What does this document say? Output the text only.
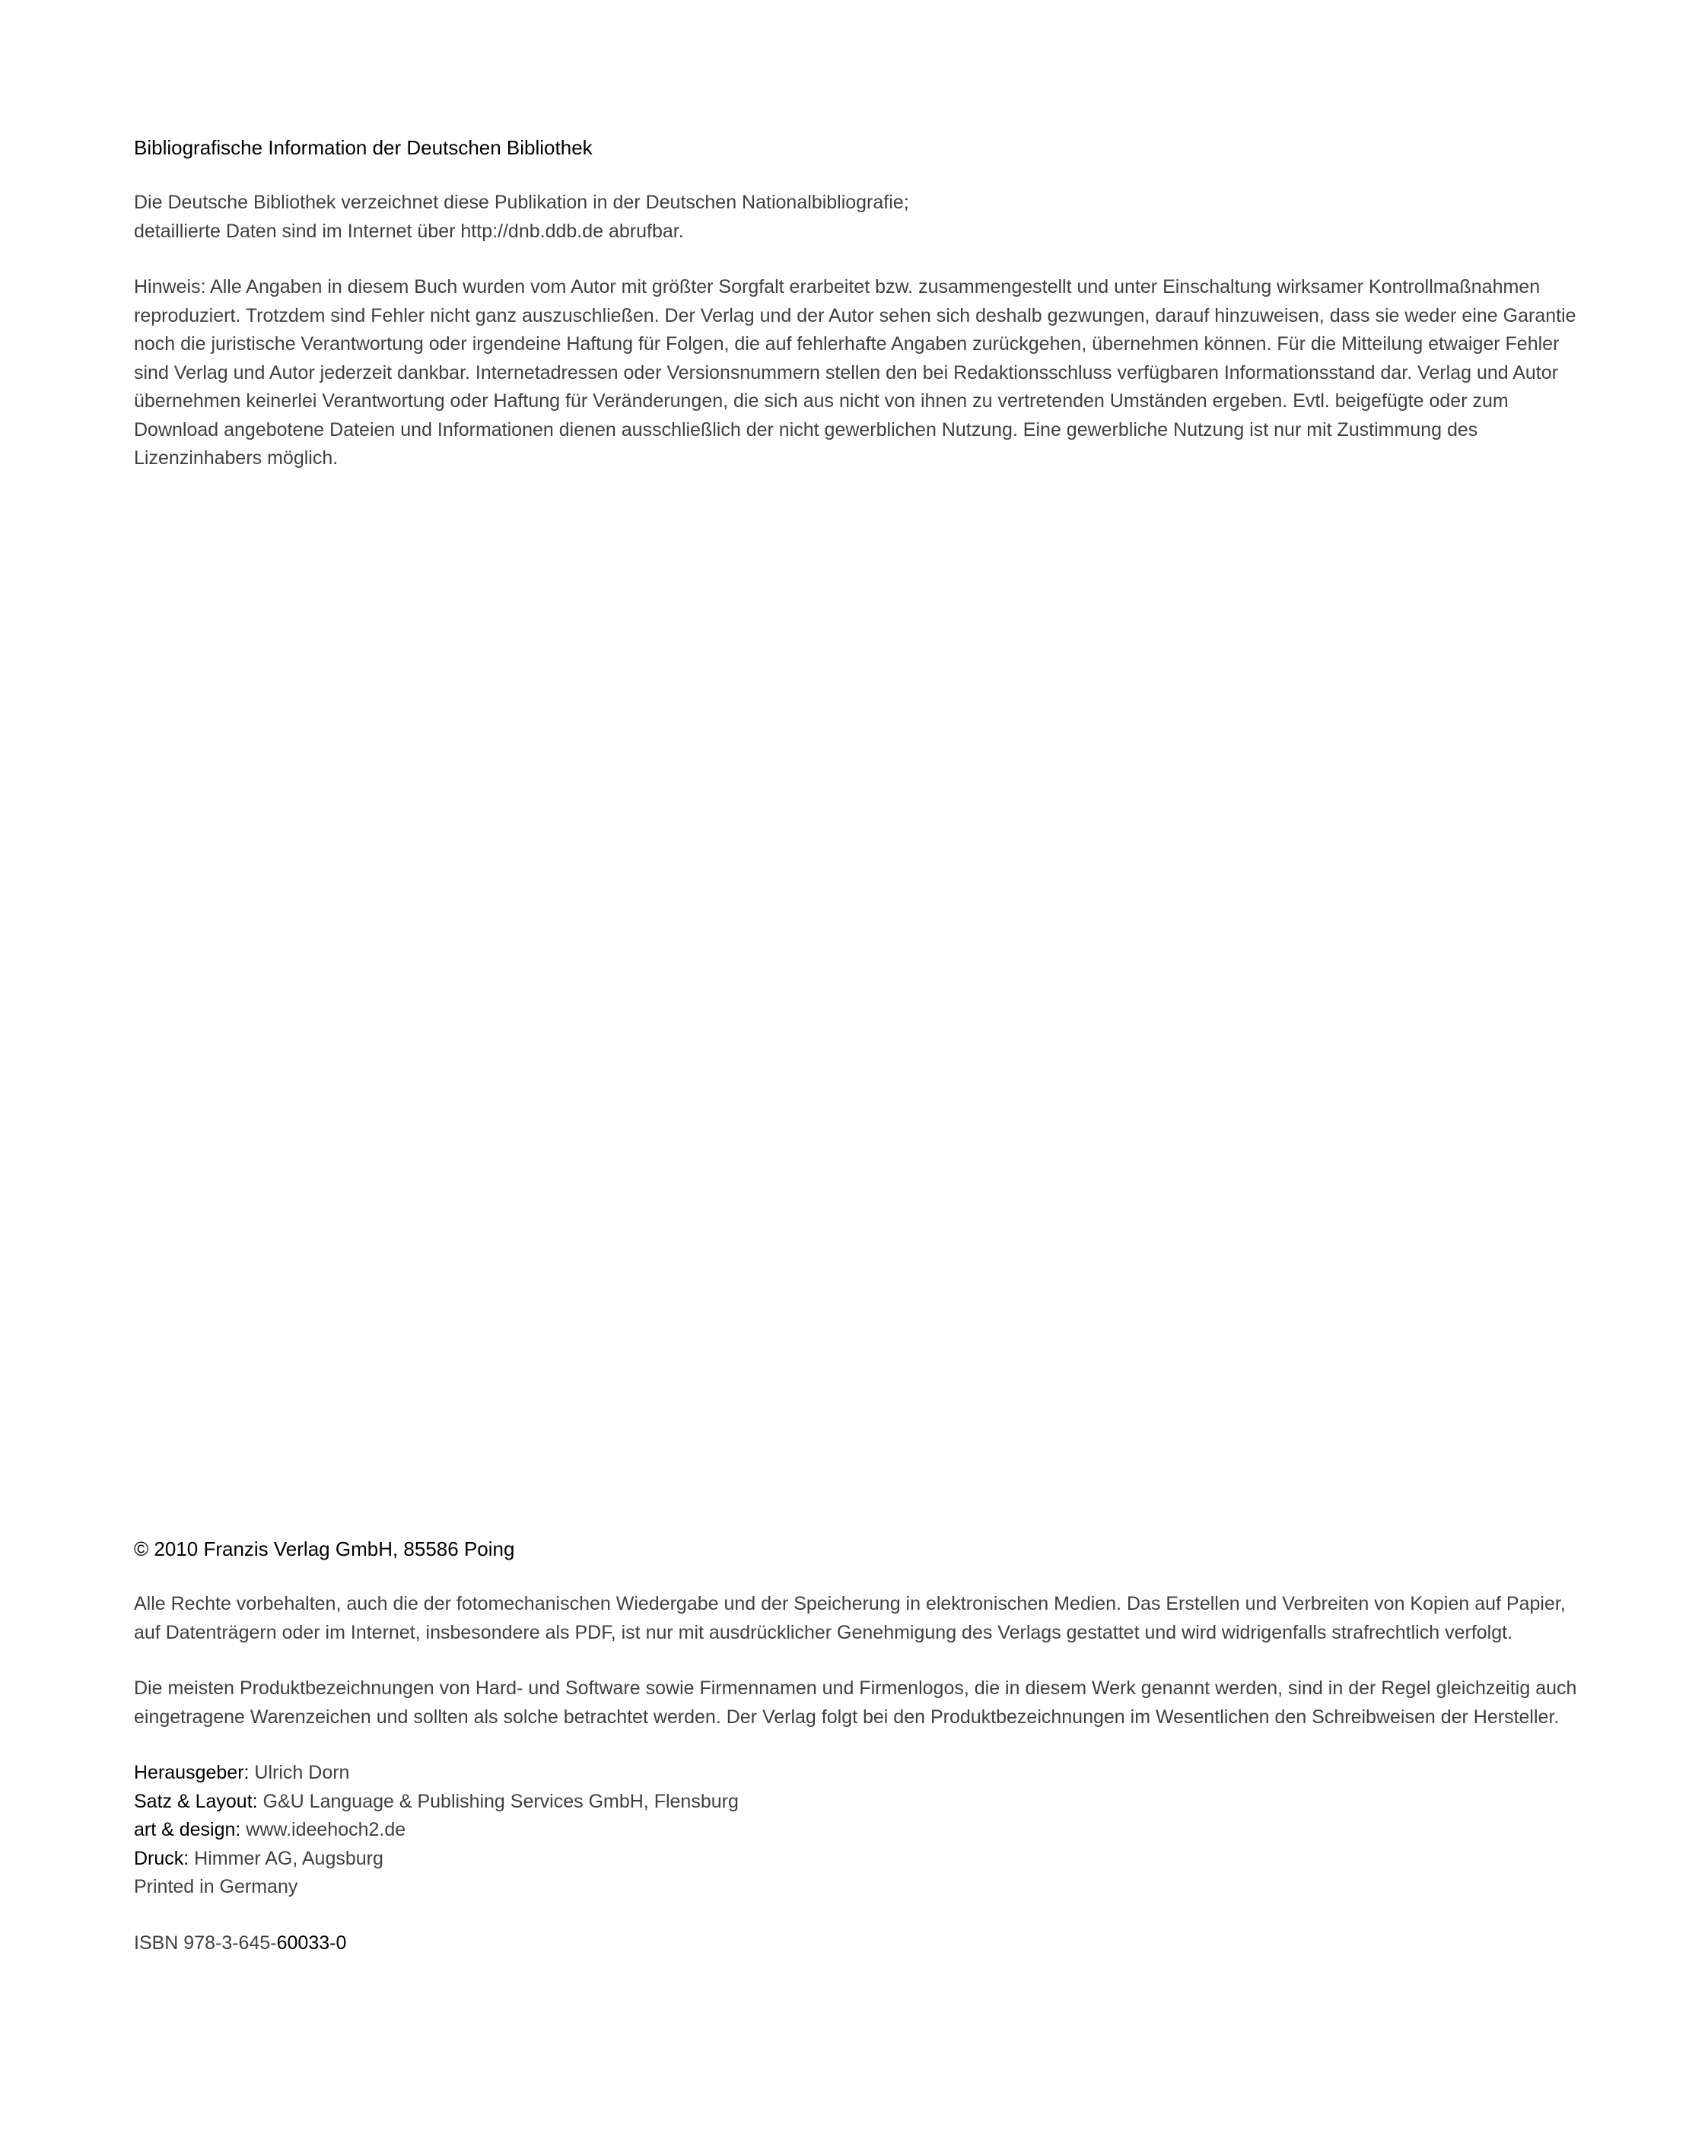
Bibliografische Information der Deutschen Bibliothek

Die Deutsche Bibliothek verzeichnet diese Publikation in der Deutschen Nationalbibliografie;

detaillierte Daten sind im Internet über http://dnb.ddb.de abrufbar.

Hinweis: Alle Angaben in diesem Buch wurden vom Autor mit größter Sorgfalt erarbeitet bzw. zusammengestellt und unter Einschaltung wirksamer Kontrollmaßnahmen reproduziert. Trotzdem sind Fehler nicht ganz auszuschließen. Der Verlag und der Autor sehen sich deshalb gezwungen, darauf hinzuweisen, dass sie weder eine Garantie noch die juristische Verantwortung oder irgendeine Haftung für Folgen, die auf fehlerhafte Angaben zurückgehen, übernehmen können. Für die Mitteilung etwaiger Fehler sind Verlag und Autor jederzeit dankbar. Internetadressen oder Versionsnummern stellen den bei Redaktionsschluss verfügbaren Informationsstand dar. Verlag und Autor übernehmen keinerlei Verantwortung oder Haftung für Veränderungen, die sich aus nicht von ihnen zu vertretenden Umständen ergeben. Evtl. beigefügte oder zum Download angebotene Dateien und Informationen dienen ausschließlich der nicht gewerblichen Nutzung. Eine gewerbliche Nutzung ist nur mit Zustimmung des Lizenzinhabers möglich.

© 2010 Franzis Verlag GmbH, 85586 Poing

Alle Rechte vorbehalten, auch die der fotomechanischen Wiedergabe und der Speicherung in elektronischen Medien. Das Erstellen und Verbreiten von Kopien auf Papier, auf Datenträgern oder im Internet, insbesondere als PDF, ist nur mit ausdrücklicher Genehmigung des Verlags gestattet und wird widrigenfalls strafrechtlich verfolgt.

Die meisten Produktbezeichnungen von Hard- und Software sowie Firmennamen und Firmenlogos, die in diesem Werk genannt werden, sind in der Regel gleichzeitig auch eingetragene Warenzeichen und sollten als solche betrachtet werden. Der Verlag folgt bei den Produktbezeichnungen im Wesentlichen den Schreibweisen der Hersteller.

Herausgeber: Ulrich Dorn
Satz & Layout: G&U Language & Publishing Services GmbH, Flensburg
art & design: www.ideehoch2.de
Druck: Himmer AG, Augsburg
Printed in Germany

ISBN 978-3-645-60033-0
